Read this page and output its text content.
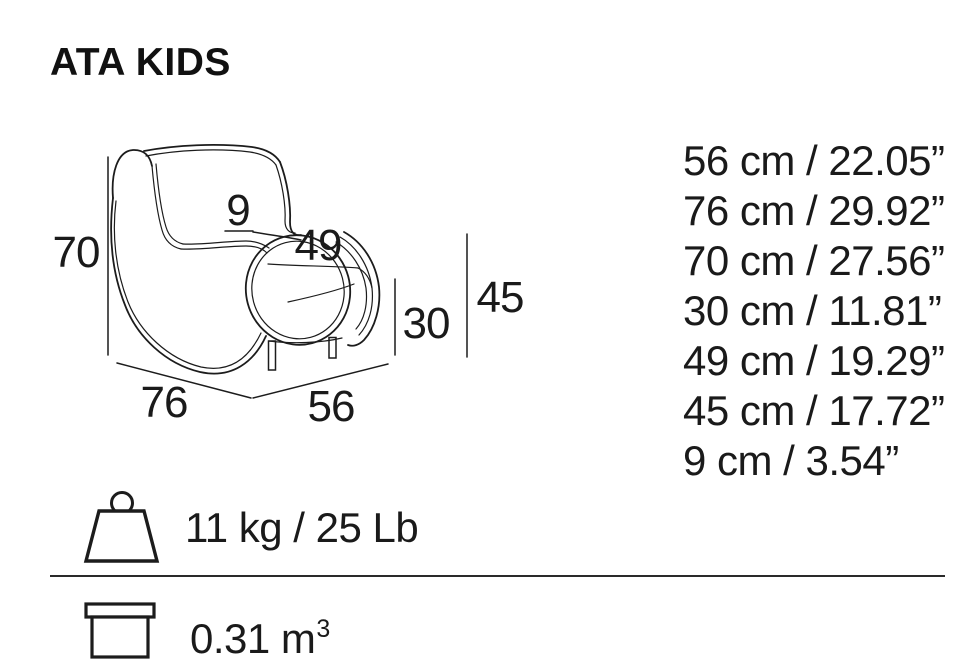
ATA KIDS
70
9
49
30
45
76	56
56 cm / 22.05”
76 cm / 29.92”
70 cm / 27.56”
30 cm / 11.81”
49 cm / 19.29”
45 cm / 17.72”
9 cm / 3.54”
11 kg / 25 Lb
0.31 $m^3$
